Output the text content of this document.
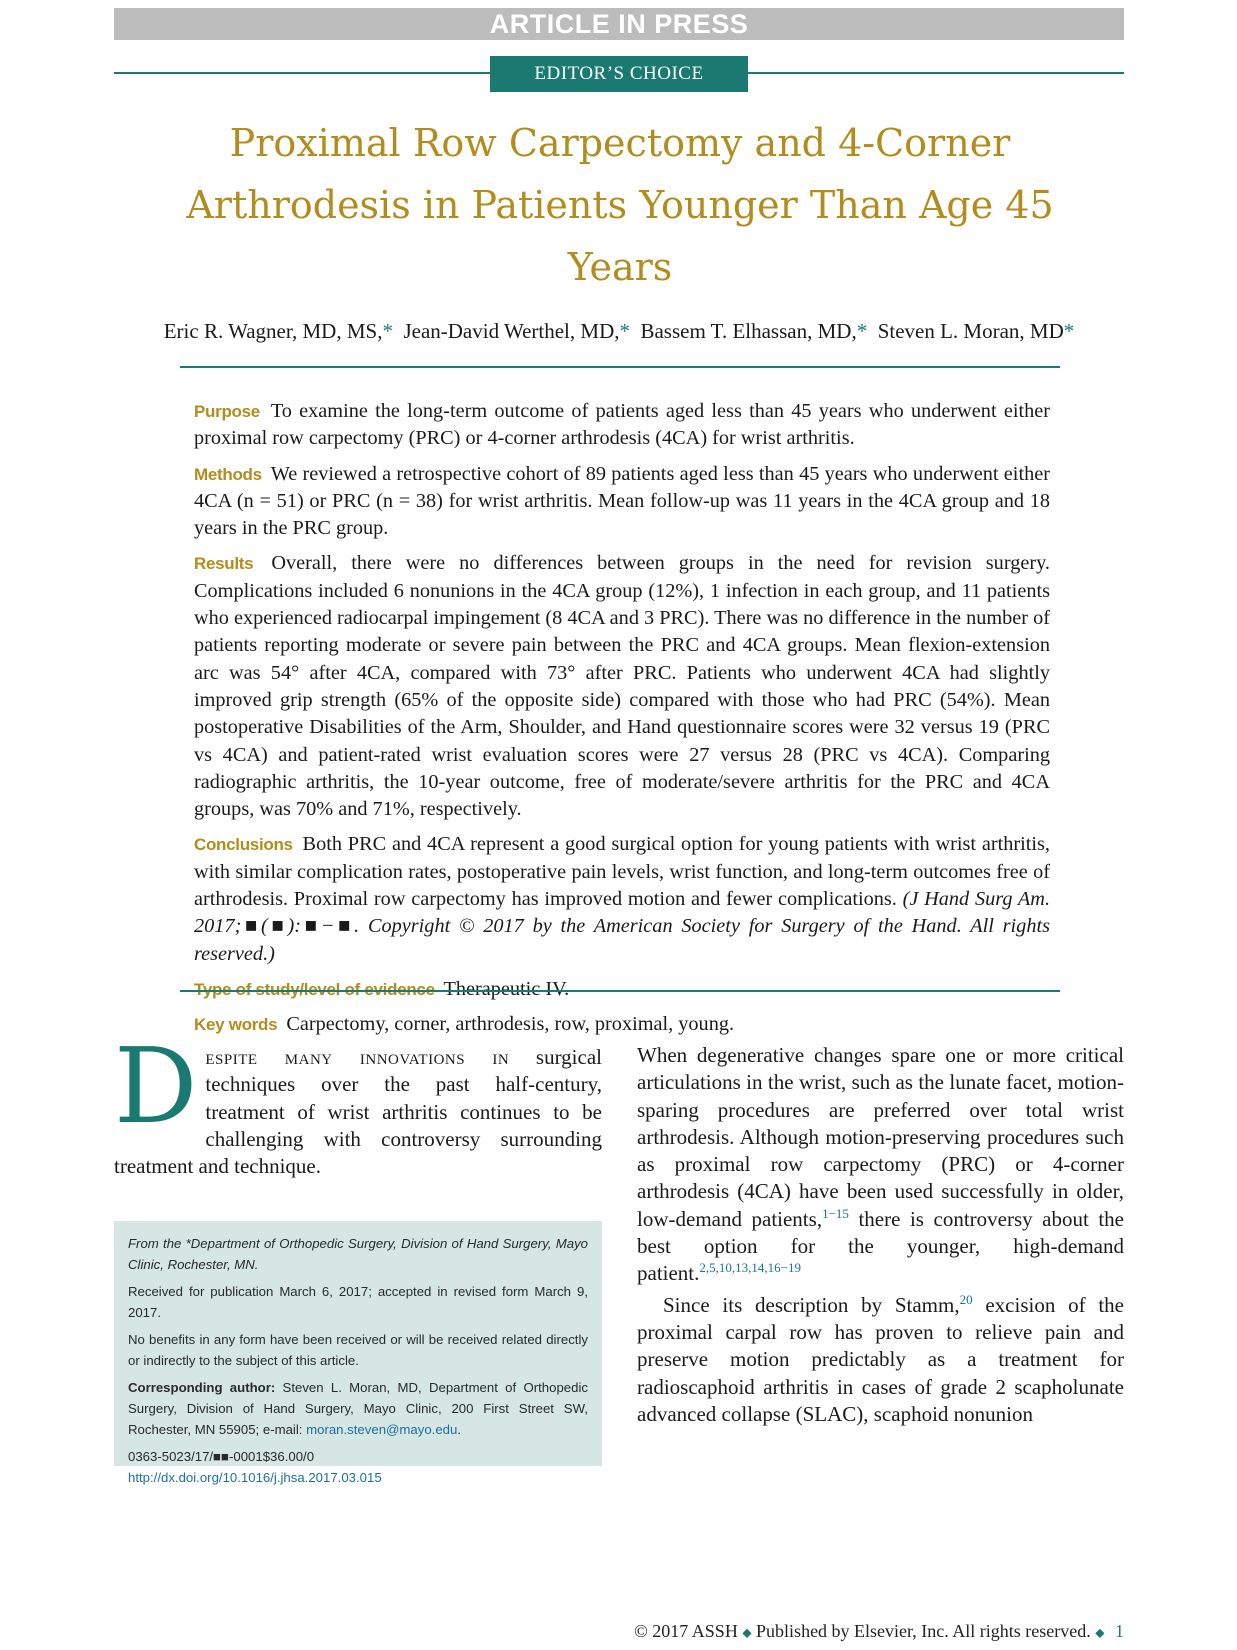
ARTICLE IN PRESS
EDITOR’S CHOICE
Proximal Row Carpectomy and 4-Corner Arthrodesis in Patients Younger Than Age 45 Years
Eric R. Wagner, MD, MS,* Jean-David Werthel, MD,* Bassem T. Elhassan, MD,* Steven L. Moran, MD*

Purpose To examine the long-term outcome of patients aged less than 45 years who underwent either proximal row carpectomy (PRC) or 4-corner arthrodesis (4CA) for wrist arthritis.

Methods We reviewed a retrospective cohort of 89 patients aged less than 45 years who underwent either 4CA (n = 51) or PRC (n = 38) for wrist arthritis. Mean follow-up was 11 years in the 4CA group and 18 years in the PRC group.

Results Overall, there were no differences between groups in the need for revision surgery. Complications included 6 nonunions in the 4CA group (12%), 1 infection in each group, and 11 patients who experienced radiocarpal impingement (8 4CA and 3 PRC). There was no difference in the number of patients reporting moderate or severe pain between the PRC and 4CA groups. Mean flexion-extension arc was 54° after 4CA, compared with 73° after PRC. Patients who underwent 4CA had slightly improved grip strength (65% of the opposite side) compared with those who had PRC (54%). Mean postoperative Disabilities of the Arm, Shoulder, and Hand questionnaire scores were 32 versus 19 (PRC vs 4CA) and patient-rated wrist evaluation scores were 27 versus 28 (PRC vs 4CA). Comparing radiographic arthritis, the 10-year outcome, free of moderate/severe arthritis for the PRC and 4CA groups, was 70% and 71%, respectively.

Conclusions Both PRC and 4CA represent a good surgical option for young patients with wrist arthritis, with similar complication rates, postoperative pain levels, wrist function, and long-term outcomes free of arthrodesis. Proximal row carpectomy has improved motion and fewer complications. (J Hand Surg Am. 2017;■(■):■−■. Copyright © 2017 by the American Society for Surgery of the Hand. All rights reserved.)

Type of study/level of evidence Therapeutic IV.

Key words Carpectomy, corner, arthrodesis, row, proximal, young.

D espite many innovations in surgical techniques over the past half-century, treatment of wrist arthritis continues to be challenging with controversy surrounding treatment and technique.

From the *Department of Orthopedic Surgery, Division of Hand Surgery, Mayo Clinic, Rochester, MN.

Received for publication March 6, 2017; accepted in revised form March 9, 2017.

No benefits in any form have been received or will be received related directly or indirectly to the subject of this article.

Corresponding author: Steven L. Moran, MD, Department of Orthopedic Surgery, Division of Hand Surgery, Mayo Clinic, 200 First Street SW, Rochester, MN 55905; e-mail: moran.steven@mayo.edu.

0363-5023/17/■■-0001$36.00/0
http://dx.doi.org/10.1016/j.jhsa.2017.03.015

When degenerative changes spare one or more critical articulations in the wrist, such as the lunate facet, motion-sparing procedures are preferred over total wrist arthrodesis. Although motion-preserving procedures such as proximal row carpectomy (PRC) or 4-corner arthrodesis (4CA) have been used successfully in older, low-demand patients,$^{1-15}$ there is controversy about the best option for the younger, high-demand patient.$^{2,5,10,13,14,16-19}$

Since its description by Stamm,$^{20}$ excision of the proximal carpal row has proven to relieve pain and preserve motion predictably as a treatment for radioscaphoid arthritis in cases of grade 2 scapholunate advanced collapse (SLAC), scaphoid nonunion

© 2017 ASSH ◆ Published by Elsevier, Inc. All rights reserved. ◆ 1
